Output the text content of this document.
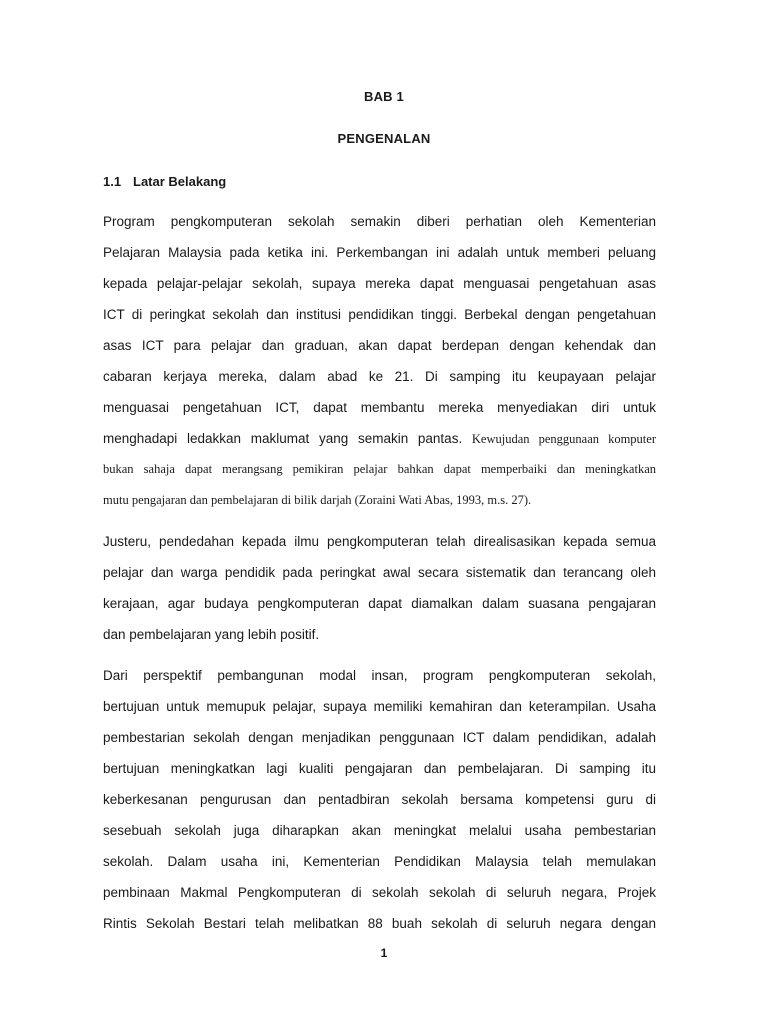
BAB 1
PENGENALAN
1.1 Latar Belakang
Program pengkomputeran sekolah semakin diberi perhatian oleh Kementerian
Pelajaran Malaysia pada ketika ini. Perkembangan ini adalah untuk memberi peluang
kepada pelajar-pelajar sekolah, supaya mereka dapat menguasai pengetahuan asas
ICT di peringkat sekolah dan institusi pendidikan tinggi. Berbekal dengan pengetahuan
asas ICT para pelajar dan graduan, akan dapat berdepan dengan kehendak dan
cabaran kerjaya mereka, dalam abad ke 21. Di samping itu keupayaan pelajar
menguasai pengetahuan ICT, dapat membantu mereka menyediakan diri untuk
menghadapi ledakkan maklumat yang semakin pantas. Kewujudan penggunaan komputer
bukan sahaja dapat merangsang pemikiran pelajar bahkan dapat memperbaiki dan meningkatkan
mutu pengajaran dan pembelajaran di bilik darjah (Zoraini Wati Abas, 1993, m.s. 27).
Justeru, pendedahan kepada ilmu pengkomputeran telah direalisasikan kepada semua
pelajar dan warga pendidik pada peringkat awal secara sistematik dan terancang oleh
kerajaan, agar budaya pengkomputeran dapat diamalkan dalam suasana pengajaran
dan pembelajaran yang lebih positif.
Dari perspektif pembangunan modal insan, program pengkomputeran sekolah,
bertujuan untuk memupuk pelajar, supaya memiliki kemahiran dan keterampilan. Usaha
pembestarian sekolah dengan menjadikan penggunaan ICT dalam pendidikan, adalah
bertujuan meningkatkan lagi kualiti pengajaran dan pembelajaran. Di samping itu
keberkesanan pengurusan dan pentadbiran sekolah bersama kompetensi guru di
sesebuah sekolah juga diharapkan akan meningkat melalui usaha pembestarian
sekolah. Dalam usaha ini, Kementerian Pendidikan Malaysia telah memulakan
pembinaan Makmal Pengkomputeran di sekolah sekolah di seluruh negara, Projek
Rintis Sekolah Bestari telah melibatkan 88 buah sekolah di seluruh negara dengan
1
